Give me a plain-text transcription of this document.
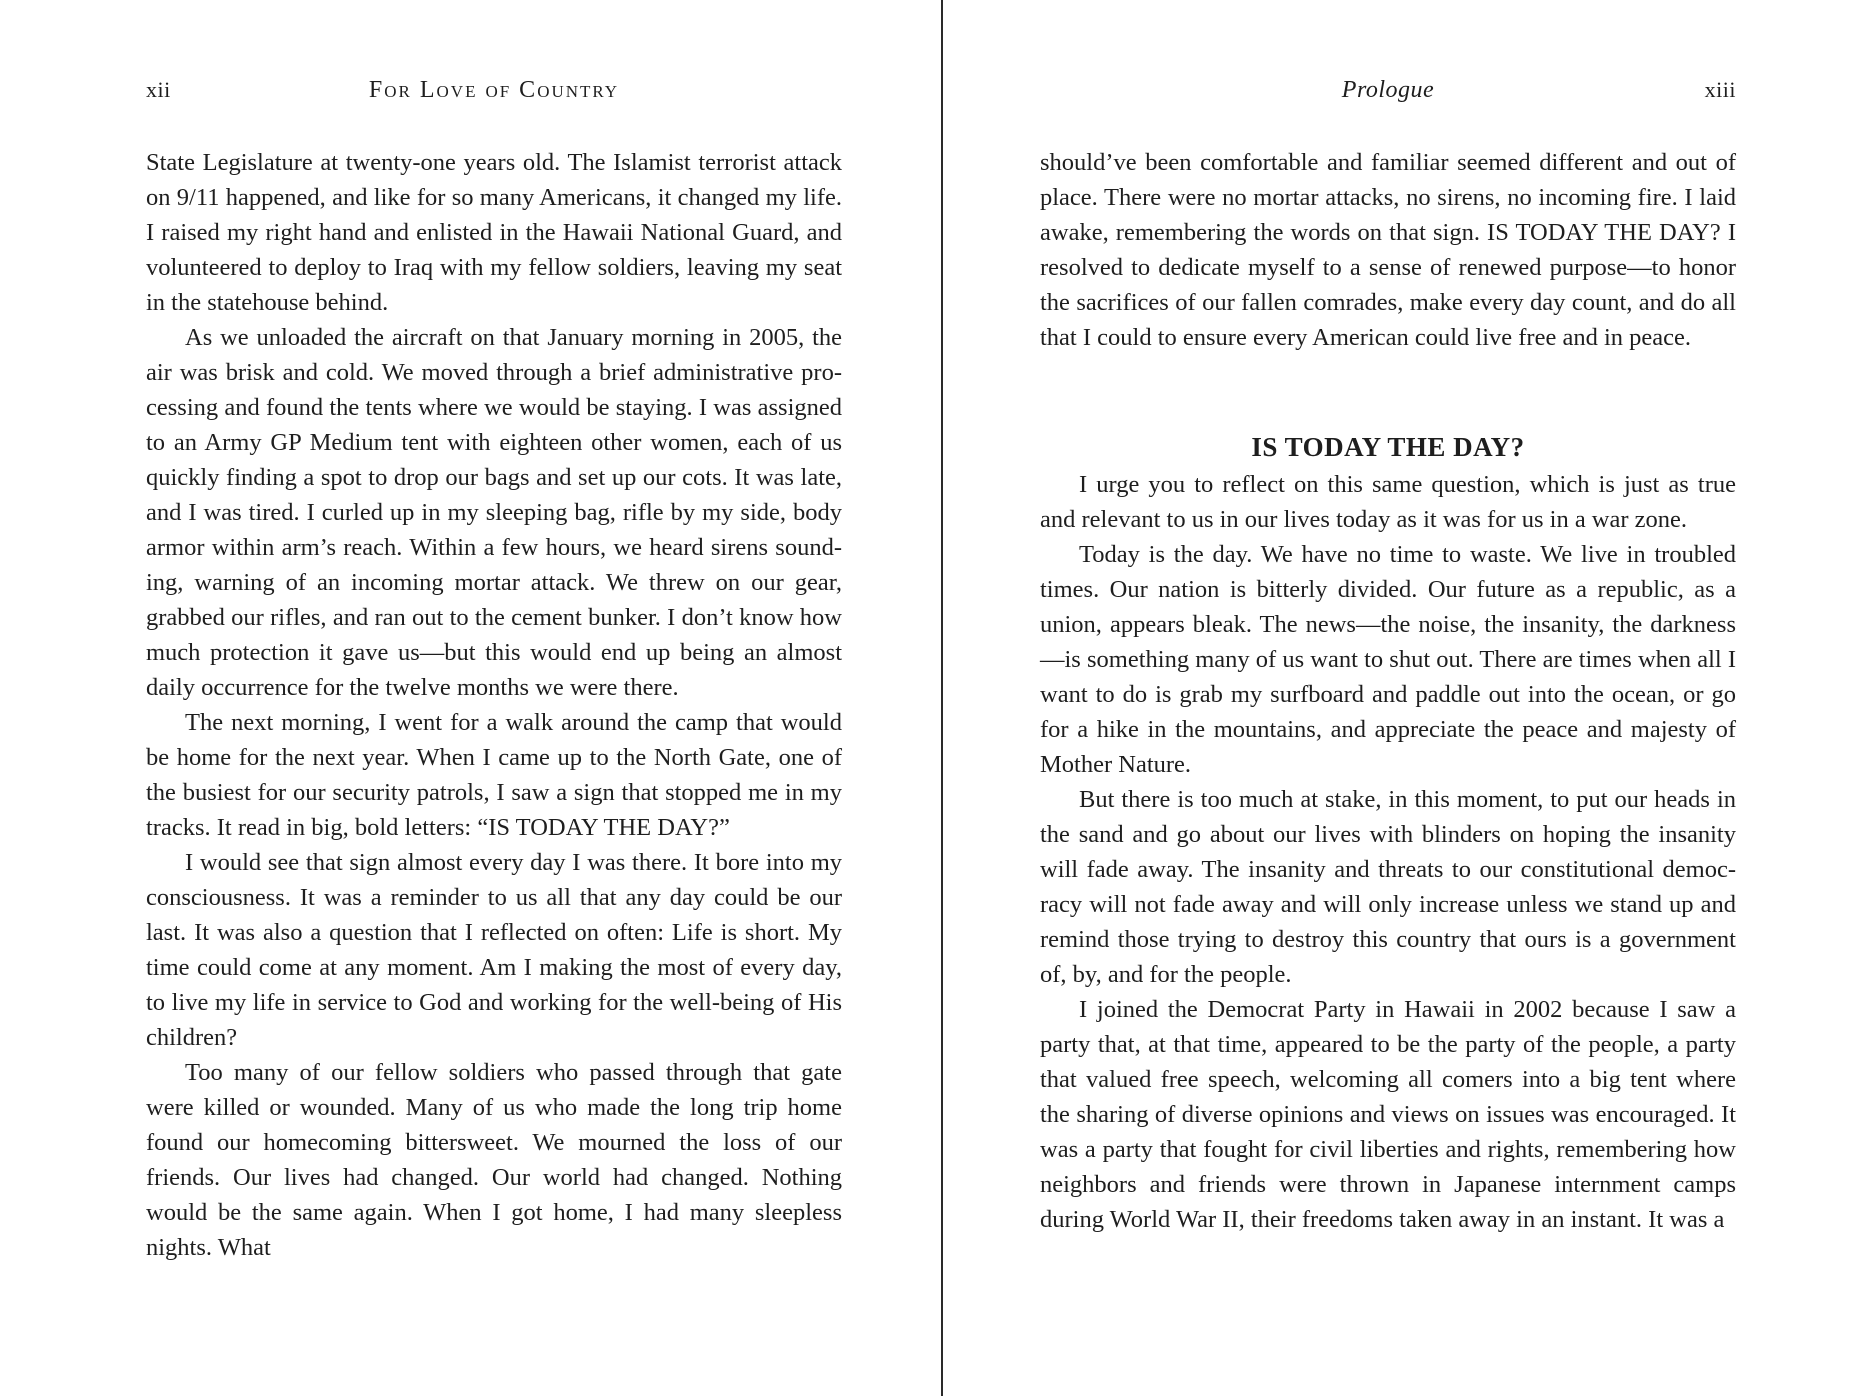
xii	For Love of Country

State Legislature at twenty-one years old. The Islamist terrorist attack on 9/11 happened, and like for so many Americans, it changed my life. I raised my right hand and enlisted in the Hawaii National Guard, and volunteered to deploy to Iraq with my fellow soldiers, leaving my seat in the statehouse behind.

As we unloaded the aircraft on that January morning in 2005, the air was brisk and cold. We moved through a brief administrative processing and found the tents where we would be staying. I was assigned to an Army GP Medium tent with eighteen other women, each of us quickly finding a spot to drop our bags and set up our cots. It was late, and I was tired. I curled up in my sleeping bag, rifle by my side, body armor within arm’s reach. Within a few hours, we heard sirens sounding, warning of an incoming mortar attack. We threw on our gear, grabbed our rifles, and ran out to the cement bunker. I don’t know how much protection it gave us—but this would end up being an almost daily occurrence for the twelve months we were there.

The next morning, I went for a walk around the camp that would be home for the next year. When I came up to the North Gate, one of the busiest for our security patrols, I saw a sign that stopped me in my tracks. It read in big, bold letters: “IS TODAY THE DAY?”

I would see that sign almost every day I was there. It bore into my consciousness. It was a reminder to us all that any day could be our last. It was also a question that I reflected on often: Life is short. My time could come at any moment. Am I making the most of every day, to live my life in service to God and working for the well-being of His children?

Too many of our fellow soldiers who passed through that gate were killed or wounded. Many of us who made the long trip home found our homecoming bittersweet. We mourned the loss of our friends. Our lives had changed. Our world had changed. Nothing would be the same again. When I got home, I had many sleepless nights. What

Prologue	xiii

should’ve been comfortable and familiar seemed different and out of place. There were no mortar attacks, no sirens, no incoming fire. I laid awake, remembering the words on that sign. IS TODAY THE DAY? I resolved to dedicate myself to a sense of renewed purpose—to honor the sacrifices of our fallen comrades, make every day count, and do all that I could to ensure every American could live free and in peace.

IS TODAY THE DAY?

I urge you to reflect on this same question, which is just as true and relevant to us in our lives today as it was for us in a war zone.

Today is the day. We have no time to waste. We live in troubled times. Our nation is bitterly divided. Our future as a republic, as a union, appears bleak. The news—the noise, the insanity, the darkness—is something many of us want to shut out. There are times when all I want to do is grab my surfboard and paddle out into the ocean, or go for a hike in the mountains, and appreciate the peace and majesty of Mother Nature.

But there is too much at stake, in this moment, to put our heads in the sand and go about our lives with blinders on hoping the insanity will fade away. The insanity and threats to our constitutional democracy will not fade away and will only increase unless we stand up and remind those trying to destroy this country that ours is a government of, by, and for the people.

I joined the Democrat Party in Hawaii in 2002 because I saw a party that, at that time, appeared to be the party of the people, a party that valued free speech, welcoming all comers into a big tent where the sharing of diverse opinions and views on issues was encouraged. It was a party that fought for civil liberties and rights, remembering how neighbors and friends were thrown in Japanese internment camps during World War II, their freedoms taken away in an instant. It was a
